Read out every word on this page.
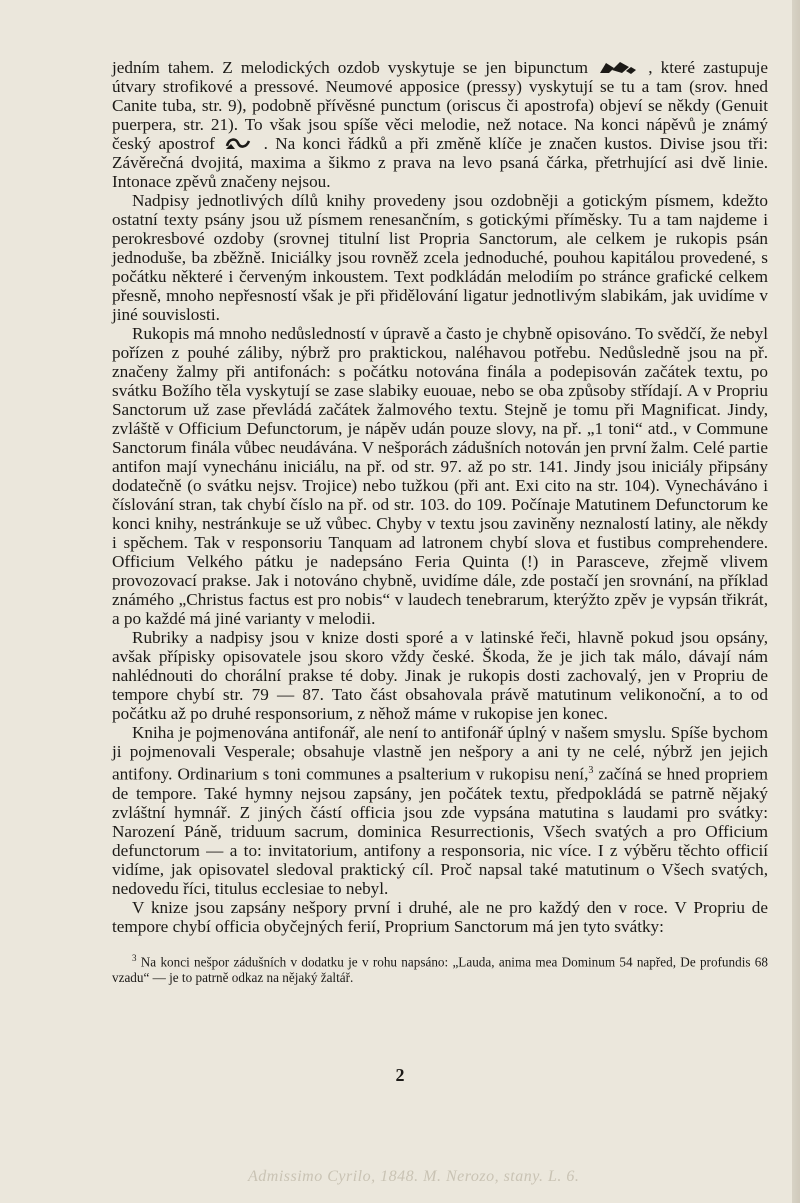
jedním tahem. Z melodických ozdob vyskytuje se jen bipunctum	, které zastupuje útvary strofikové a pressové. Neumové apposice (pressy) vyskytují se tu a tam (srov. hned Canite tuba, str. 9), podobně přívěsné punctum (oriscus či apostrofa) objeví se někdy (Genuit puerpera, str. 21). To však jsou spíše věci melodie, než notace. Na konci nápěvů je známý český apostrof	. Na konci řádků a při změně klíče je značen kustos. Divise jsou tři: Závěrečná dvojitá, maxima a šikmo z prava na levo psaná čárka, přetrhující asi dvě linie. Intonace zpěvů značeny nejsou.

Nadpisy jednotlivých dílů knihy provedeny jsou ozdobněji a gotickým písmem, kdežto ostatní texty psány jsou už písmem renesančním, s gotickými příměsky. Tu a tam najdeme i perokresbové ozdoby (srovnej titulní list Propria Sanctorum, ale celkem je rukopis psán jednoduše, ba zběžně. Iniciálky jsou rovněž zcela jednoduché, pouhou kapitálou provedené, s počátku některé i červeným inkoustem. Text podkládán melodiím po stránce grafické celkem přesně, mnoho nepřesností však je při přidělování ligatur jednotlivým slabikám, jak uvidíme v jiné souvislosti.

Rukopis má mnoho nedůsledností v úpravě a často je chybně opisováno. To svědčí, že nebyl pořízen z pouhé záliby, nýbrž pro praktickou, naléhavou potřebu. Nedůsledně jsou na př. značeny žalmy při antifonách: s počátku notována finála a podepisován začátek textu, po svátku Božího těla vyskytují se zase slabiky euouae, nebo se oba způsoby střídají. A v Propriu Sanctorum už zase převládá začátek žalmového textu. Stejně je tomu při Magnificat. Jindy, zvláště v Officium Defunctorum, je nápěv udán pouze slovy, na př. „1 toni“ atd., v Commune Sanctorum finála vůbec neudávána. V nešporách zádušních notován jen první žalm. Celé partie antifon mají vynechánu iniciálu, na př. od str. 97. až po str. 141. Jindy jsou iniciály připsány dodatečně (o svátku nejsv. Trojice) nebo tužkou (při ant. Exi cito na str. 104). Vynecháváno i číslování stran, tak chybí číslo na př. od str. 103. do 109. Počínaje Matutinem Defunctorum ke konci knihy, nestránkuje se už vůbec. Chyby v textu jsou zaviněny neznalostí latiny, ale někdy i spěchem. Tak v responsoriu Tanquam ad latronem chybí slova et fustibus comprehendere. Officium Velkého pátku je nadepsáno Feria Quinta (!) in Parasceve, zřejmě vlivem provozovací prakse. Jak i notováno chybně, uvidíme dále, zde postačí jen srovnání, na příklad známého „Christus factus est pro nobis“ v laudech tenebrarum, kterýžto zpěv je vypsán třikrát, a po každé má jiné varianty v melodii.

Rubriky a nadpisy jsou v knize dosti sporé a v latinské řeči, hlavně pokud jsou opsány, avšak přípisky opisovatele jsou skoro vždy české. Škoda, že je jich tak málo, dávají nám nahlédnouti do chorální prakse té doby. Jinak je rukopis dosti zachovalý, jen v Propriu de tempore chybí str. 79 — 87. Tato část obsahovala právě matutinum velikonoční, a to od počátku až po druhé responsorium, z něhož máme v rukopise jen konec.

Kniha je pojmenována antifonář, ale není to antifonář úplný v našem smyslu. Spíše bychom ji pojmenovali Vesperale; obsahuje vlastně jen nešpory a ani ty ne celé, nýbrž jen jejich antifony. Ordinarium s toni communes a psalterium v rukopisu není,$^3$ začíná se hned propriem de tempore. Také hymny nejsou zapsány, jen počátek textu, předpokládá se patrně nějaký zvláštní hymnář. Z jiných částí officia jsou zde vypsána matutina s laudami pro svátky: Narození Páně, triduum sacrum, dominica Resurrectionis, Všech svatých a pro Officium defunctorum — a to: invitatorium, antifony a responsoria, nic více. I z výběru těchto officií vidíme, jak opisovatel sledoval praktický cíl. Proč napsal také matutinum o Všech svatých, nedovedu říci, titulus ecclesiae to nebyl.

V knize jsou zapsány nešpory první i druhé, ale ne pro každý den v roce. V Propriu de tempore chybí officia obyčejných ferií, Proprium Sanctorum má jen tyto svátky:

$^3$ Na konci nešpor zádušních v dodatku je v rohu napsáno: „Lauda, anima mea Dominum 54 napřed, De profundis 68 vzadu“ — je to patrně odkaz na nějaký žaltář.

2
Admissimo Cyrilo, 1848. M. Nerozo, stany. L. 6.
